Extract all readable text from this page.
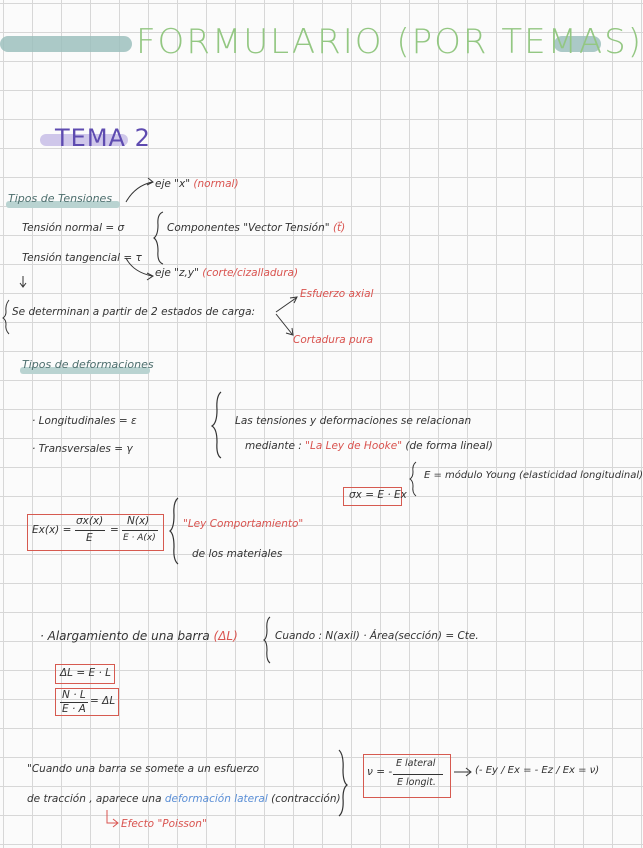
FORMULARIO (POR TEMAS)
TEMA 2
Tipos de Tensiones
eje "x" (normal)
Tensión normal = σ
Tensión tangencial = τ
Componentes "Vector Tensión" (t⃗)
eje "z,y" (corte/cizalladura)
Se determinan a partir de 2 estados de carga:
Esfuerzo axial
Cortadura pura
Tipos de deformaciones
· Longitudinales = ε
· Transversales = γ
Las tensiones y deformaciones se relacionan
mediante : "La Ley de Hooke" (de forma lineal)
σx = E · Ex
E = módulo Young (elasticidad longitudinal)
Ex(x) =
σx(x)
E
=
N(x)
E · A(x)
"Ley Comportamiento"
de los materiales
· Alargamiento de una barra (ΔL)	Cuando : N(axil) · Área(sección) = Cte.
ΔL = E · L
N · L
E · A
= ΔL
"Cuando una barra se somete a un esfuerzo
de tracción , aparece una deformación lateral (contracción)
Efecto "Poisson"
ν = -
E lateral
E longit.
(- Ey / Ex = - Ez / Ex = ν)
